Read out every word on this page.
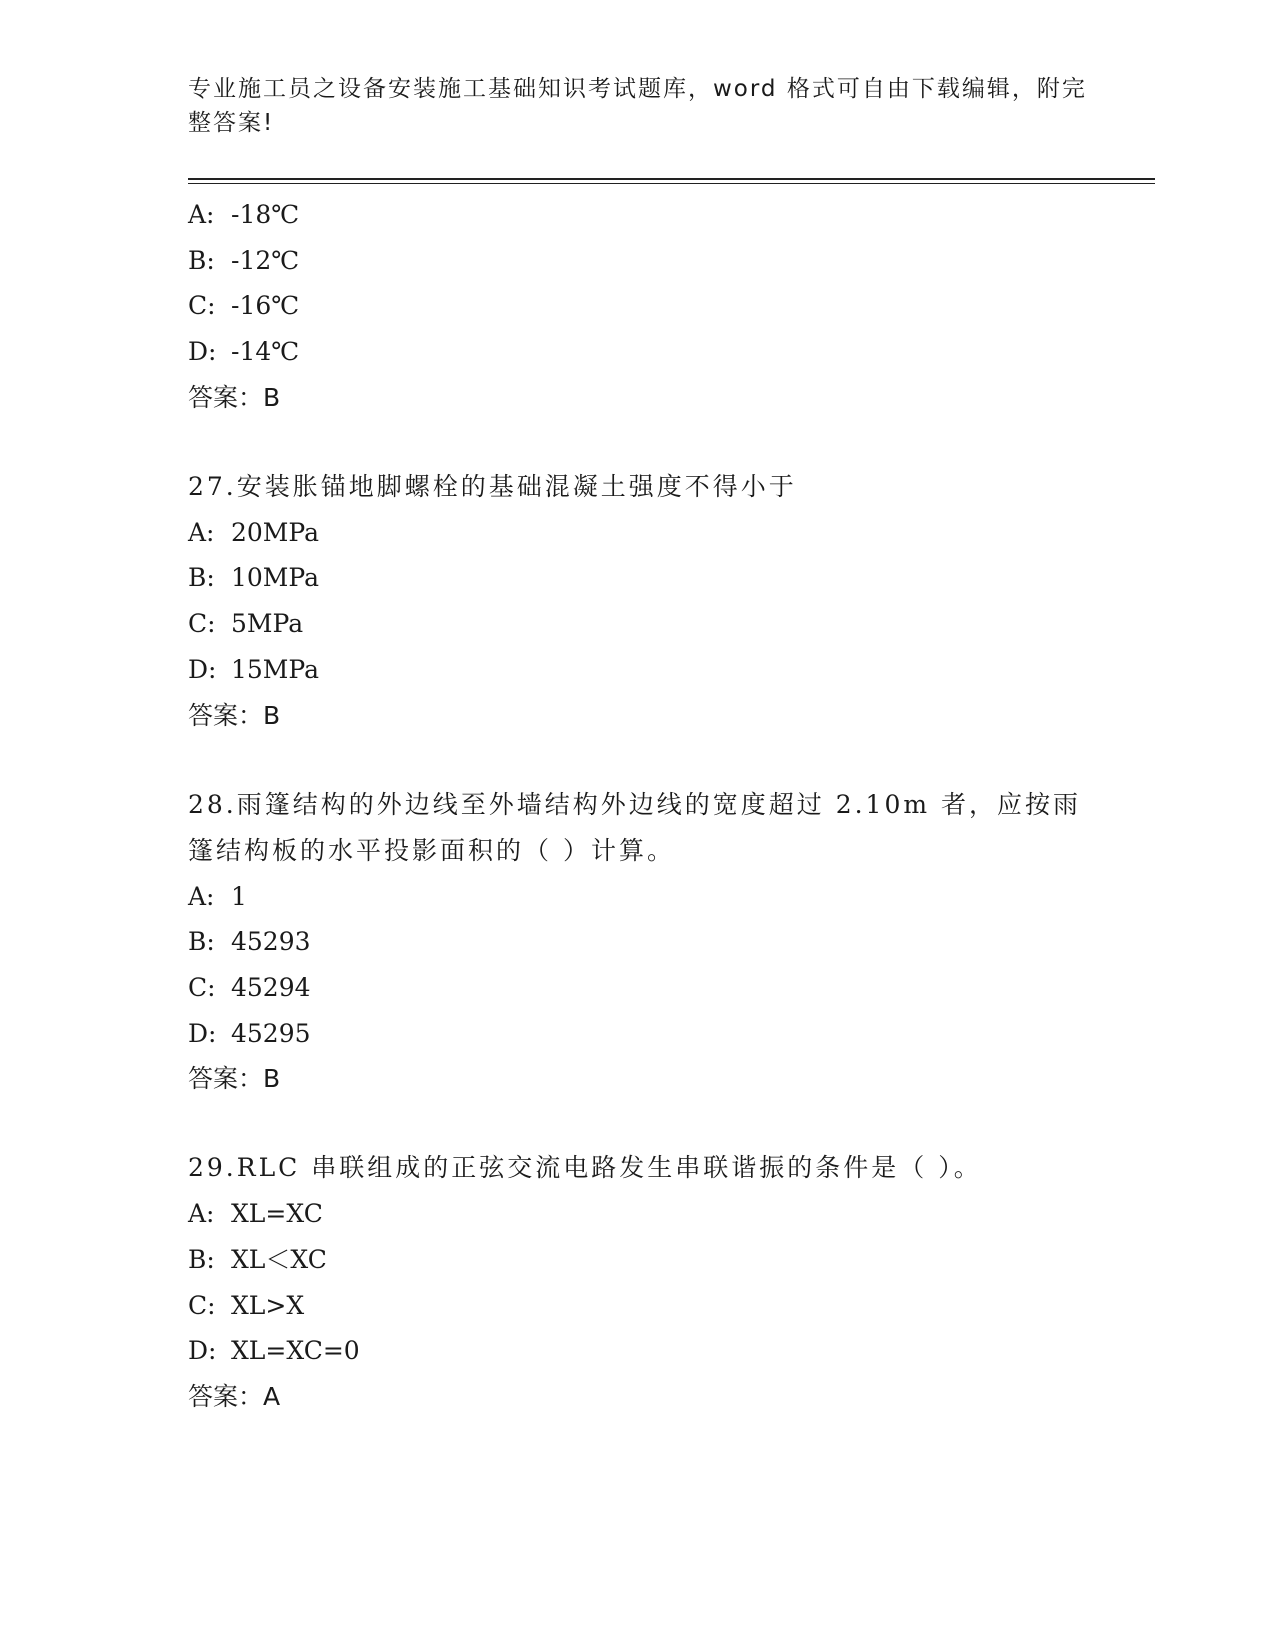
专业施工员之设备安装施工基础知识考试题库，word 格式可自由下载编辑，附完整答案!
A: -18℃
B: -12℃
C: -16℃
D: -14℃
答案：B
27.安装胀锚地脚螺栓的基础混凝土强度不得小于
A: 20MPa
B: 10MPa
C: 5MPa
D: 15MPa
答案：B
28.雨篷结构的外边线至外墙结构外边线的宽度超过 2.10m 者，应按雨篷结构板的水平投影面积的（ ）计算。
A: 1
B: 45293
C: 45294
D: 45295
答案：B
29.RLC 串联组成的正弦交流电路发生串联谐振的条件是（ ）。
A: XL=XC
B: XL＜XC
C: XL>X
D: XL=XC=0
答案：A
